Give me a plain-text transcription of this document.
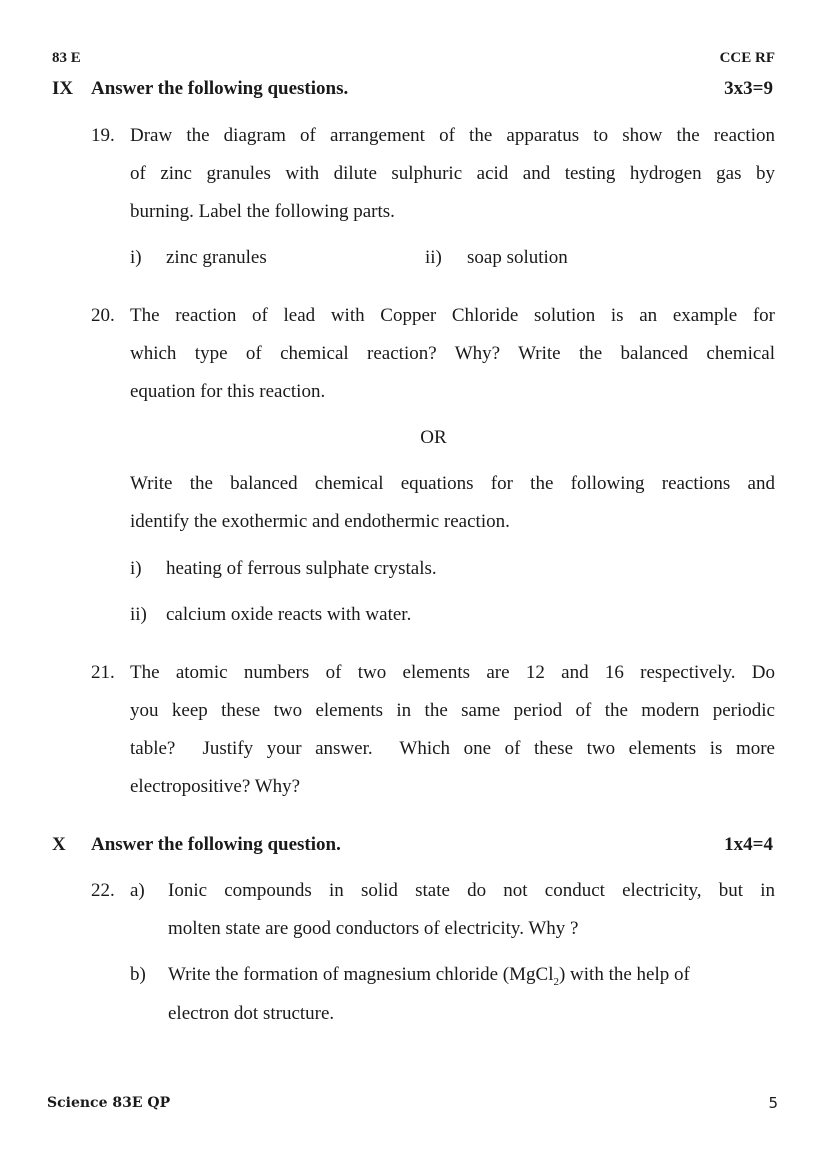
83 E	CCE RF
IX Answer the following questions.	3x3=9
19. Draw the diagram of arrangement of the apparatus to show the reaction
of zinc granules with dilute sulphuric acid and testing hydrogen gas by
burning. Label the following parts.
i) zinc granules	ii) soap solution
20. The reaction of lead with Copper Chloride solution is an example for
which type of chemical reaction? Why? Write the balanced chemical
equation for this reaction.
OR
Write the balanced chemical equations for the following reactions and
identify the exothermic and endothermic reaction.
i) heating of ferrous sulphate crystals.
ii) calcium oxide reacts with water.
21. The atomic numbers of two elements are 12 and 16 respectively. Do
you keep these two elements in the same period of the modern periodic
table?  Justify your answer.  Which one of these two elements is more
electropositive? Why?
X Answer the following question.	1x4=4
22. a) Ionic compounds in solid state do not conduct electricity, but in
molten state are good conductors of electricity. Why ?
b) Write the formation of magnesium chloride (MgCl$_2$) with the help of
electron dot structure.
Science 83E QP	5
